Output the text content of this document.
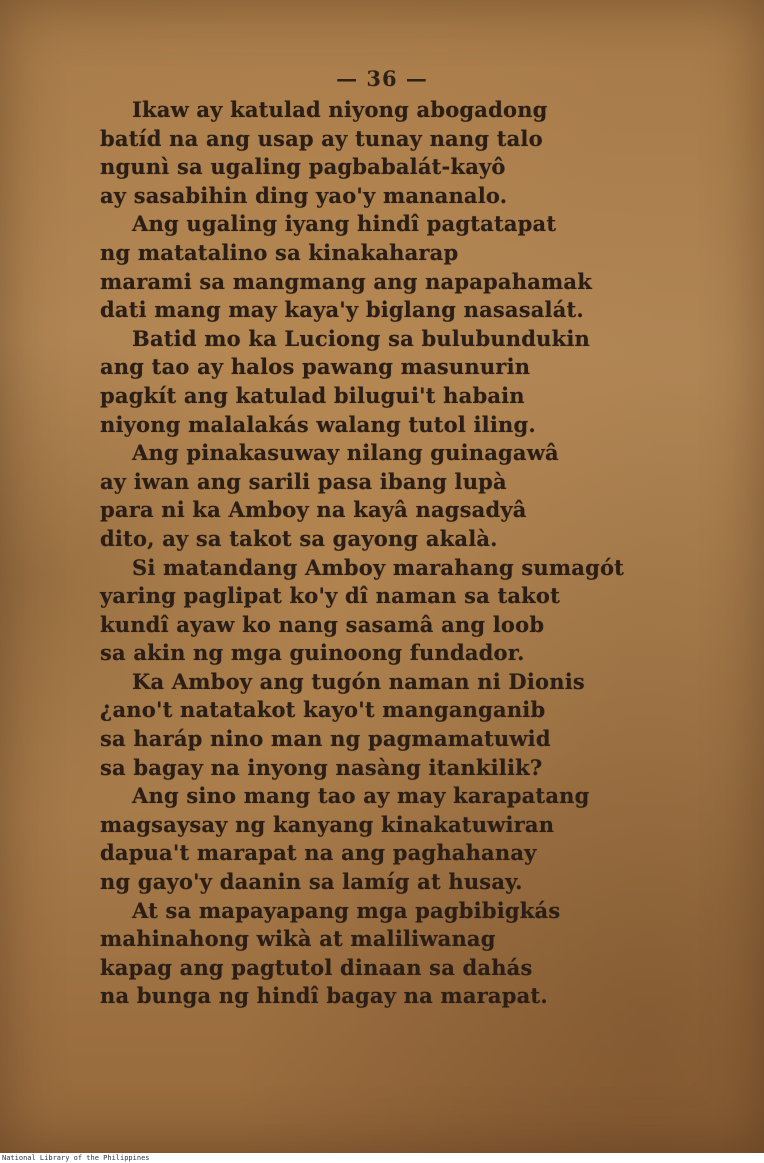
— 36 —
Ikaw ay katulad niyong abogadong
batíd na ang usap ay tunay nang talo
ngunì sa ugaling pagbabalát-kayô
ay sasabihin ding yao'y mananalo.
Ang ugaling iyang hindî pagtatapat
ng matatalino sa kinakaharap
marami sa mangmang ang napapahamak
dati mang may kaya'y biglang nasasalát.
Batid mo ka Luciong sa bulubundukin
ang tao ay halos pawang masunurin
pagkít ang katulad bilugui't habain
niyong malalakás walang tutol iling.
Ang pinakasuway nilang guinagawâ
ay iwan ang sarili pasa ibang lupà
para ni ka Amboy na kayâ nagsadyâ
dito, ay sa takot sa gayong akalà.
Si matandang Amboy marahang sumagót
yaring paglipat ko'y dî naman sa takot
kundî ayaw ko nang sasamâ ang loob
sa akin ng mga guinoong fundador.
Ka Amboy ang tugón naman ni Dionis
¿ano't natatakot kayo't manganganib
sa haráp nino man ng pagmamatuwid
sa bagay na inyong nasàng itankilik?
Ang sino mang tao ay may karapatang
magsaysay ng kanyang kinakatuwiran
dapua't marapat na ang paghahanay
ng gayo'y daanin sa lamíg at husay.
At sa mapayapang mga pagbibigkás
mahinahong wikà at maliliwanag
kapag ang pagtutol dinaan sa dahás
na bunga ng hindî bagay na marapat.
National Library of the Philippines
